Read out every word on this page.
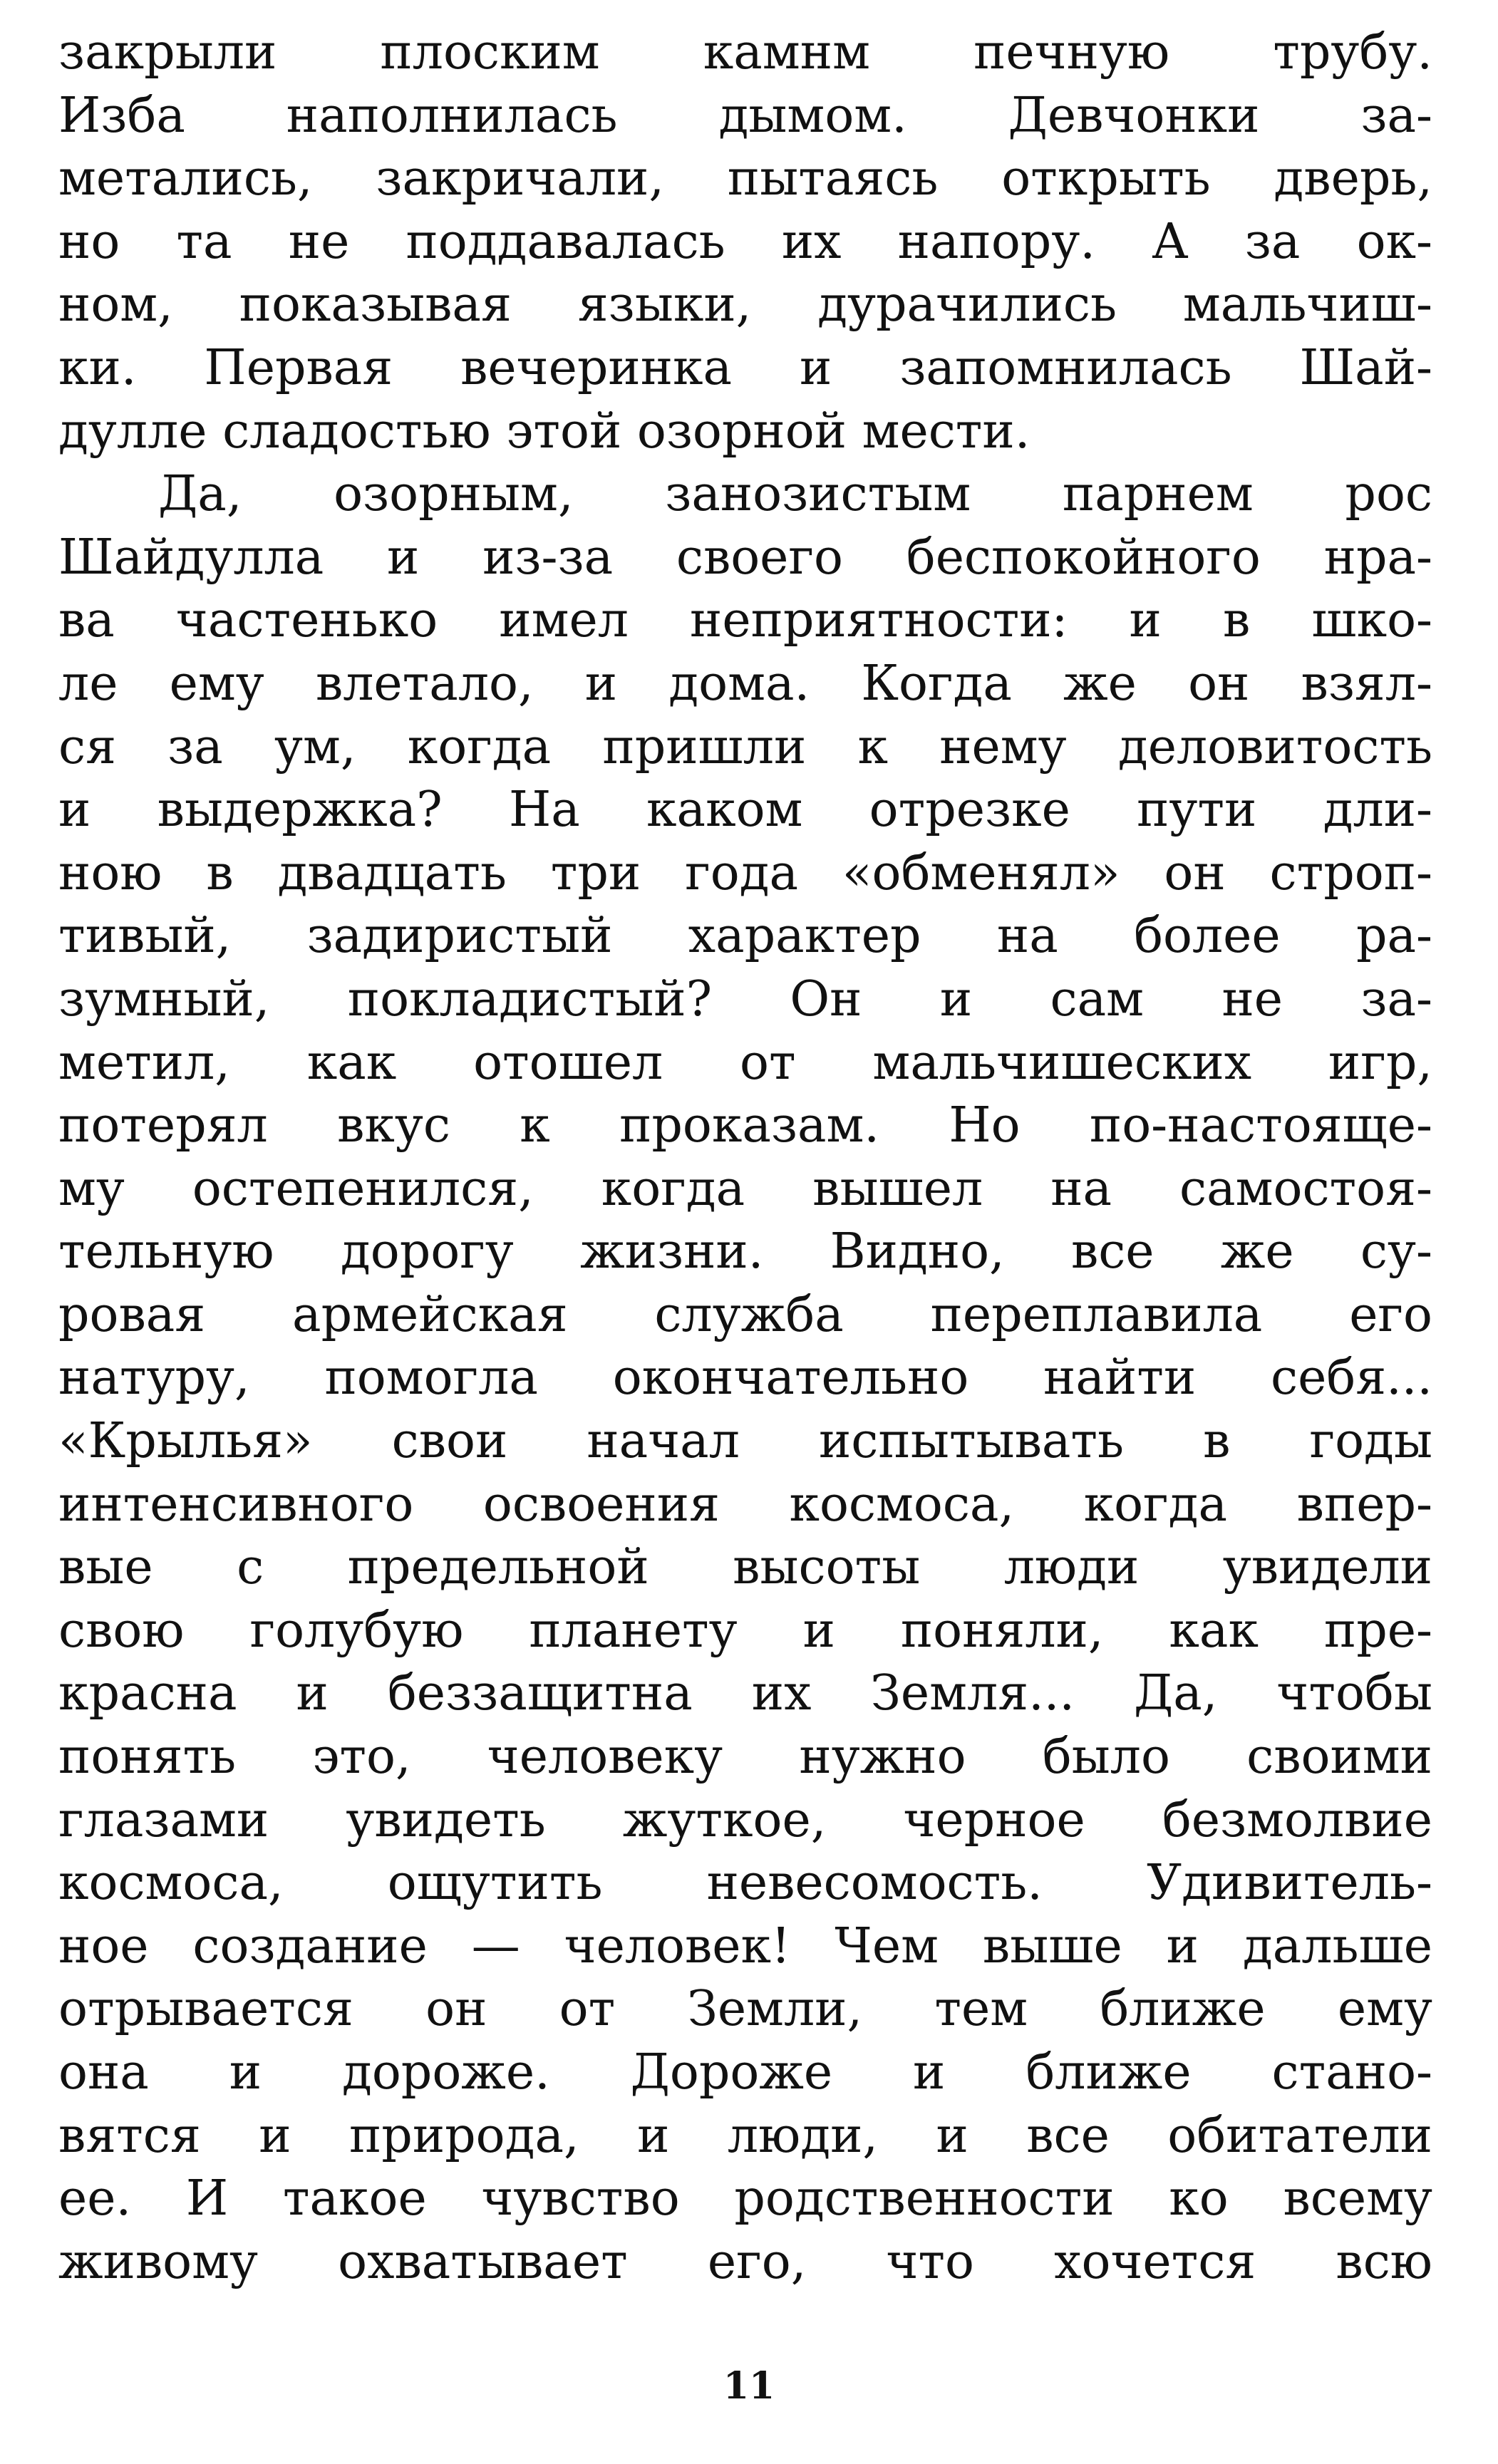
закрыли плоским камнм печную трубу.
Изба наполнилась дымом. Девчонки за-
метались, закричали, пытаясь открыть дверь,
но та не поддавалась их напору. А за ок-
ном, показывая языки, дурачились мальчиш-
ки. Первая вечеринка и запомнилась Шай-
дулле сладостью этой озорной мести.
Да, озорным, занозистым парнем рос
Шайдулла и из-за своего беспокойного нра-
ва частенько имел неприятности: и в шко-
ле ему влетало, и дома. Когда же он взял-
ся за ум, когда пришли к нему деловитость
и выдержка? На каком отрезке пути дли-
ною в двадцать три года «обменял» он строп-
тивый, задиристый характер на более ра-
зумный, покладистый? Он и сам не за-
метил, как отошел от мальчишеских игр,
потерял вкус к проказам. Но по-настояще-
му остепенился, когда вышел на самостоя-
тельную дорогу жизни. Видно, все же су-
ровая армейская служба переплавила его
натуру, помогла окончательно найти себя...
«Крылья» свои начал испытывать в годы
интенсивного освоения космоса, когда впер-
вые с предельной высоты люди увидели
свою голубую планету и поняли, как пре-
красна и беззащитна их Земля... Да, чтобы
понять это, человеку нужно было своими
глазами увидеть жуткое, черное безмолвие
космоса, ощутить невесомость. Удивитель-
ное создание — человек! Чем выше и дальше
отрывается он от Земли, тем ближе ему
она и дороже. Дороже и ближе стано-
вятся и природа, и люди, и все обитатели
ее. И такое чувство родственности ко всему
живому охватывает его, что хочется всю
11
